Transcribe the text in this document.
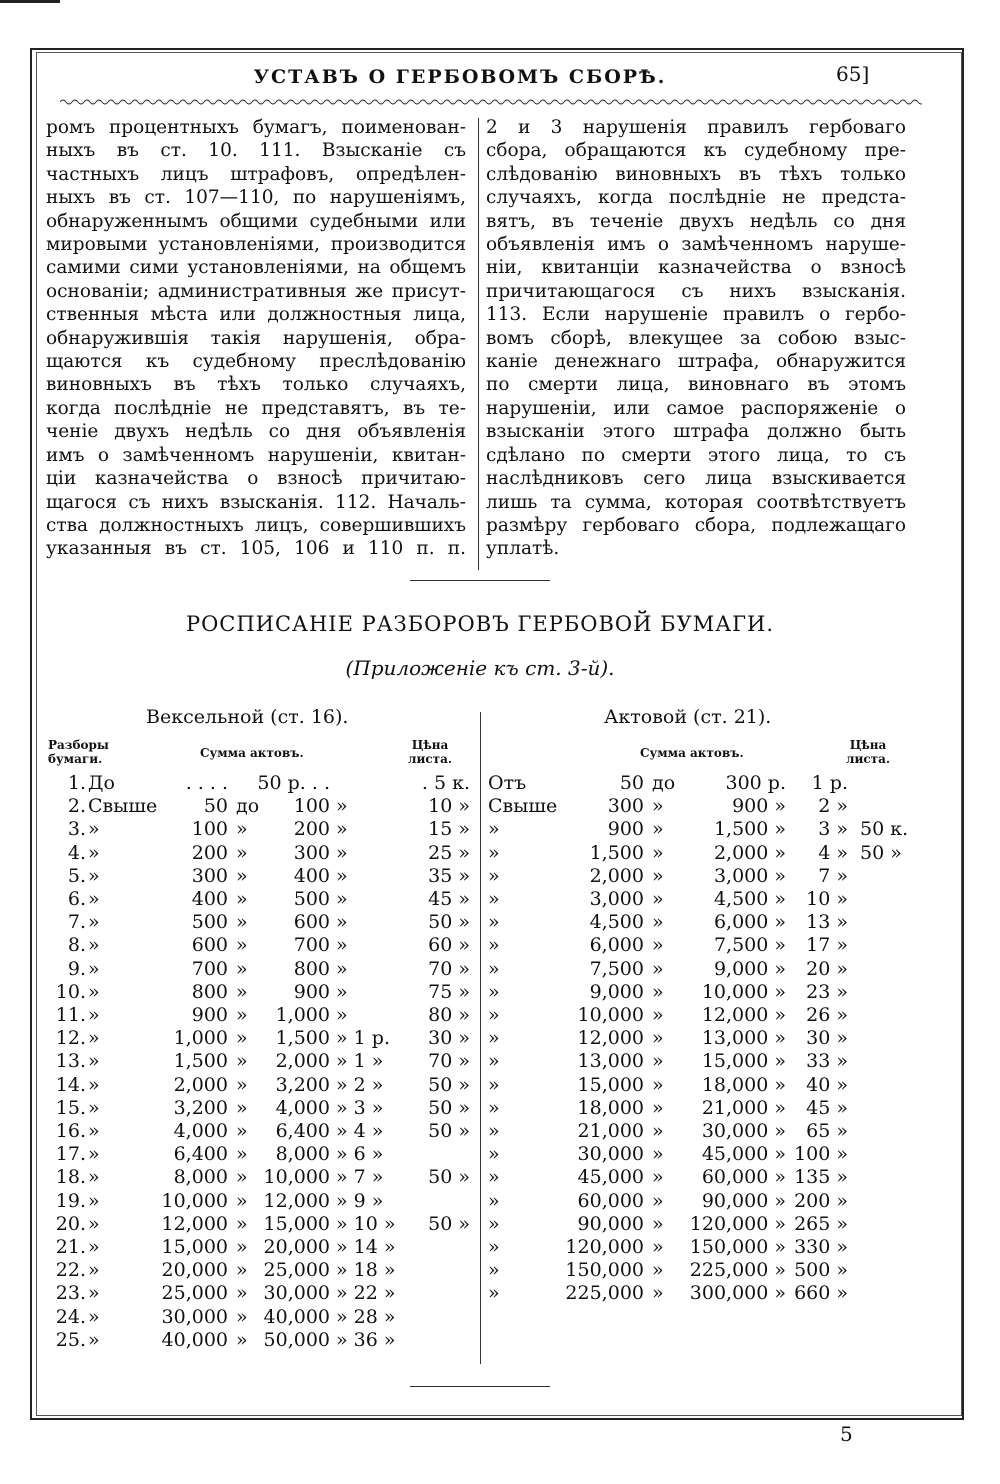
УСТАВЪ О ГЕРБОВОМЪ СБОРѢ.	65]

ромъ процентныхъ бумагъ, поименован-

ныхъ въ ст. 10. 111. Взысканіе съ

частныхъ лицъ штрафовъ, опредѣлен-

ныхъ въ ст. 107—110, по нарушеніямъ,

обнаруженнымъ общими судебными или

мировыми установленіями, производится

самими сими установленіями, на общемъ

основаніи; административныя же присут-

ственныя мѣста или должностныя лица,

обнаружившія такія нарушенія, обра-

щаются къ судебному преслѣдованію

виновныхъ въ тѣхъ только случаяхъ,

когда послѣдніе не представятъ, въ те-

ченіе двухъ недѣль со дня объявленія

имъ о замѣченномъ нарушеніи, квитан-

ціи казначейства о взносѣ причитаю-

щагося съ нихъ взысканія. 112. Началь-

ства должностныхъ лицъ, совершившихъ

указанныя въ ст. 105, 106 и 110 п. п.

2 и 3 нарушенія правилъ гербоваго

сбора, обращаются къ судебному пре-

слѣдованію виновныхъ въ тѣхъ только

случаяхъ, когда послѣдніе не предста-

вятъ, въ теченіе двухъ недѣль со дня

объявленія имъ о замѣченномъ наруше-

ніи, квитанціи казначейства о взносѣ

причитающагося съ нихъ взысканія.

113. Если нарушеніе правилъ о гербо-

вомъ сборѣ, влекущее за собою взыс-

каніе денежнаго штрафа, обнаружится

по смерти лица, виновнаго въ этомъ

нарушеніи, или самое распоряженіе о

взысканіи этого штрафа должно быть

сдѣлано по смерти этого лица, то съ

наслѣдниковъ сего лица взыскивается

лишь та сумма, которая соотвѣтствуетъ

размѣру гербоваго сбора, подлежащаго

уплатѣ.

РОСПИСАНІЕ РАЗБОРОВЪ ГЕРБОВОЙ БУМАГИ.
(Приложеніе къ ст. 3-й).
Вексельной (ст. 16).
Разборы
бумаги.	Сумма актовъ.
Цѣна
листа.
Актовой (ст. 21).
Сумма актовъ.
Цѣна
листа.
1. До	. . . .	50 р. . .	. 5 к.
2. Свыше	50 до	100 »	10 »
3. »	100 »	200 »	15 »
4. »	200 »	300 »	25 »
5. »	300 »	400 »	35 »
6. »	400 »	500 »	45 »
7. »	500 »	600 »	50 »
8. »	600 »	700 »	60 »
9. »	700 »	800 »	70 »
10. »	800 »	900 »	75 »
11. »	900 »	1,000 »	80 »
12. »	1,000 »	1,500 » 1 р.	30 »
13. »	1,500 »	2,000 » 1 »	70 »
14. »	2,000 »	3,200 » 2 »	50 »
15. »	3,200 »	4,000 » 3 »	50 »
16. »	4,000 »	6,400 » 4 »	50 »
17. »	6,400 »	8,000 » 6 »
18. »	8,000 » 10,000 » 7 »	50 »
19. »	10,000 » 12,000 » 9 »
20. »	12,000 » 15,000 » 10 »	50 »
21. »	15,000 » 20,000 » 14 »
22. »	20,000 » 25,000 » 18 »
23. »	25,000 » 30,000 » 22 »
24. »	30,000 » 40,000 » 28 »
25. »	40,000 » 50,000 » 36 »
Отъ	50 до	300 р.	1 р.
Свыше	300 »	900 »	2 »
»	900 »	1,500 »	3 » 50 к.
»	1,500 »	2,000 »	4 » 50 »
»	2,000 »	3,000 »	7 »
»	3,000 »	4,500 »	10 »
»	4,500 »	6,000 »	13 »
»	6,000 »	7,500 »	17 »
»	7,500 »	9,000 »	20 »
»	9,000 »	10,000 »	23 »
»	10,000 »	12,000 »	26 »
»	12,000 »	13,000 »	30 »
»	13,000 »	15,000 »	33 »
»	15,000 »	18,000 »	40 »
»	18,000 »	21,000 »	45 »
»	21,000 »	30,000 »	65 »
»	30,000 »	45,000 » 100 »
»	45,000 »	60,000 » 135 »
»	60,000 »	90,000 » 200 »
»	90,000 »	120,000 » 265 »
»	120,000 »	150,000 » 330 »
»	150,000 »	225,000 » 500 »
»	225,000 »	300,000 » 660 »
5
